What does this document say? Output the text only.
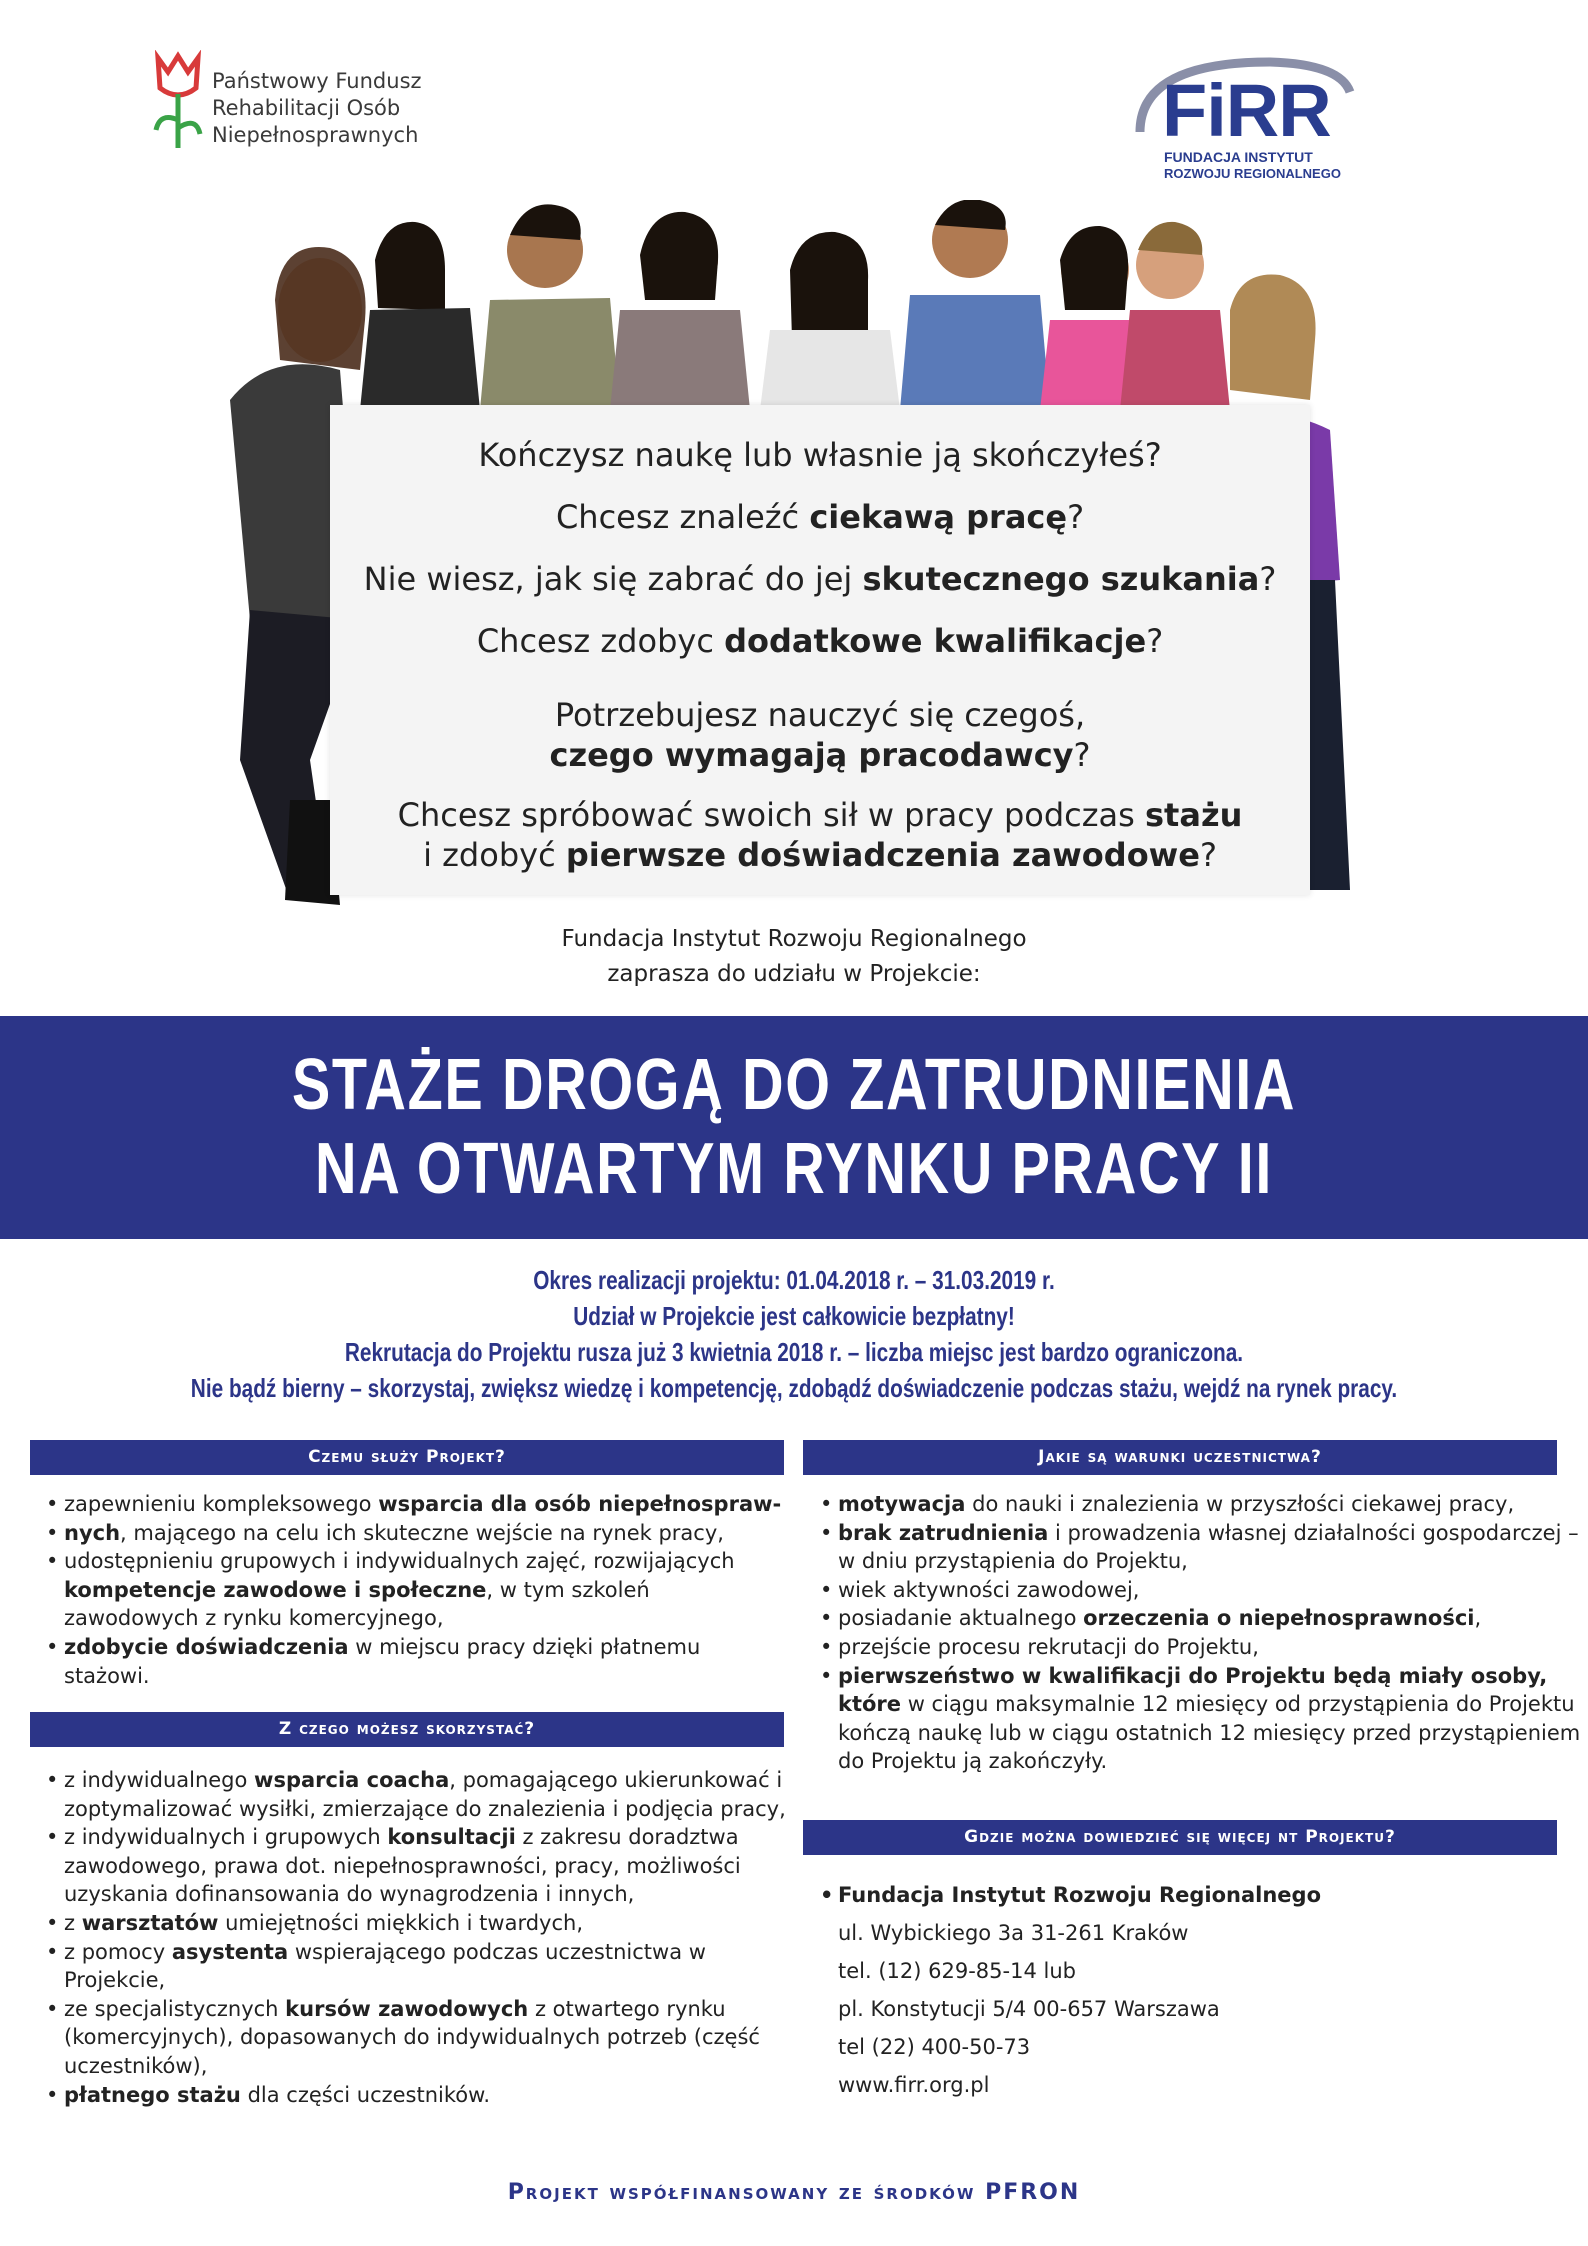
Państwowy Fundusz
Rehabilitacji Osób
Niepełnosprawnych	FiRR
FUNDACJA INSTYTUT
ROZWOJU REGIONALNEGO
Kończysz naukę lub własnie ją skończyłeś?
Chcesz znaleźć ciekawą pracę?
Nie wiesz, jak się zabrać do jej skutecznego szukania?
Chcesz zdobyc dodatkowe kwalifikacje?
Potrzebujesz nauczyć się czegoś,
czego wymagają pracodawcy?
Chcesz spróbować swoich sił w pracy podczas stażu
i zdobyć pierwsze doświadczenia zawodowe?
Fundacja Instytut Rozwoju Regionalnego
zaprasza do udziału w Projekcie:
STAŻE DROGĄ DO ZATRUDNIENIA
NA OTWARTYM RYNKU PRACY II
Okres realizacji projektu: 01.04.2018 r. – 31.03.2019 r.
Udział w Projekcie jest całkowicie bezpłatny!
Rekrutacja do Projektu rusza już 3 kwietnia 2018 r. – liczba miejsc jest bardzo ograniczona.
Nie bądź bierny – skorzystaj, zwiększ wiedzę i kompetencję, zdobądź doświadczenie podczas stażu, wejdź na rynek pracy.
Czemu służy Projekt?	Jakie są warunki uczestnictwa?
Z czego możesz skorzystać?
Gdzie można dowiedzieć się więcej nt Projektu?
• zapewnieniu kompleksowego wsparcia dla osób niepełnospraw-
• nych, mającego na celu ich skuteczne wejście na rynek pracy,
• udostępnieniu grupowych i indywidualnych zajęć, rozwijających kompetencje zawodowe i społeczne, w tym szkoleń zawodowych z rynku komercyjnego,
• zdobycie doświadczenia w miejscu pracy dzięki płatnemu stażowi.
• z indywidualnego wsparcia coacha, pomagającego ukierunkować i zoptymalizować wysiłki, zmierzające do znalezienia i podjęcia pracy,
• z indywidualnych i grupowych konsultacji z zakresu doradztwa zawodowego, prawa dot. niepełnosprawności, pracy, możliwości uzyskania dofinansowania do wynagrodzenia i innych,
• z warsztatów umiejętności miękkich i twardych,
• z pomocy asystenta wspierającego podczas uczestnictwa w Projekcie,
• ze specjalistycznych kursów zawodowych z otwartego rynku (komercyjnych), dopasowanych do indywidualnych potrzeb (część uczestników),
• płatnego stażu dla części uczestników.
• motywacja do nauki i znalezienia w przyszłości ciekawej pracy,
• brak zatrudnienia i prowadzenia własnej działalności gospodarczej – w dniu przystąpienia do Projektu,
• wiek aktywności zawodowej,
• posiadanie aktualnego orzeczenia o niepełnosprawności,
• przejście procesu rekrutacji do Projektu,
• pierwszeństwo w kwalifikacji do Projektu będą miały osoby, które w ciągu maksymalnie 12 miesięcy od przystąpienia do Projektu kończą naukę lub w ciągu ostatnich 12 miesięcy przed przystąpieniem do Projektu ją zakończyły.
• Fundacja Instytut Rozwoju Regionalnego
ul. Wybickiego 3a 31-261 Kraków
tel. (12) 629-85-14 lub
pl. Konstytucji 5/4 00-657 Warszawa
tel (22) 400-50-73
www.firr.org.pl
Projekt współfinansowany ze środków PFRON
